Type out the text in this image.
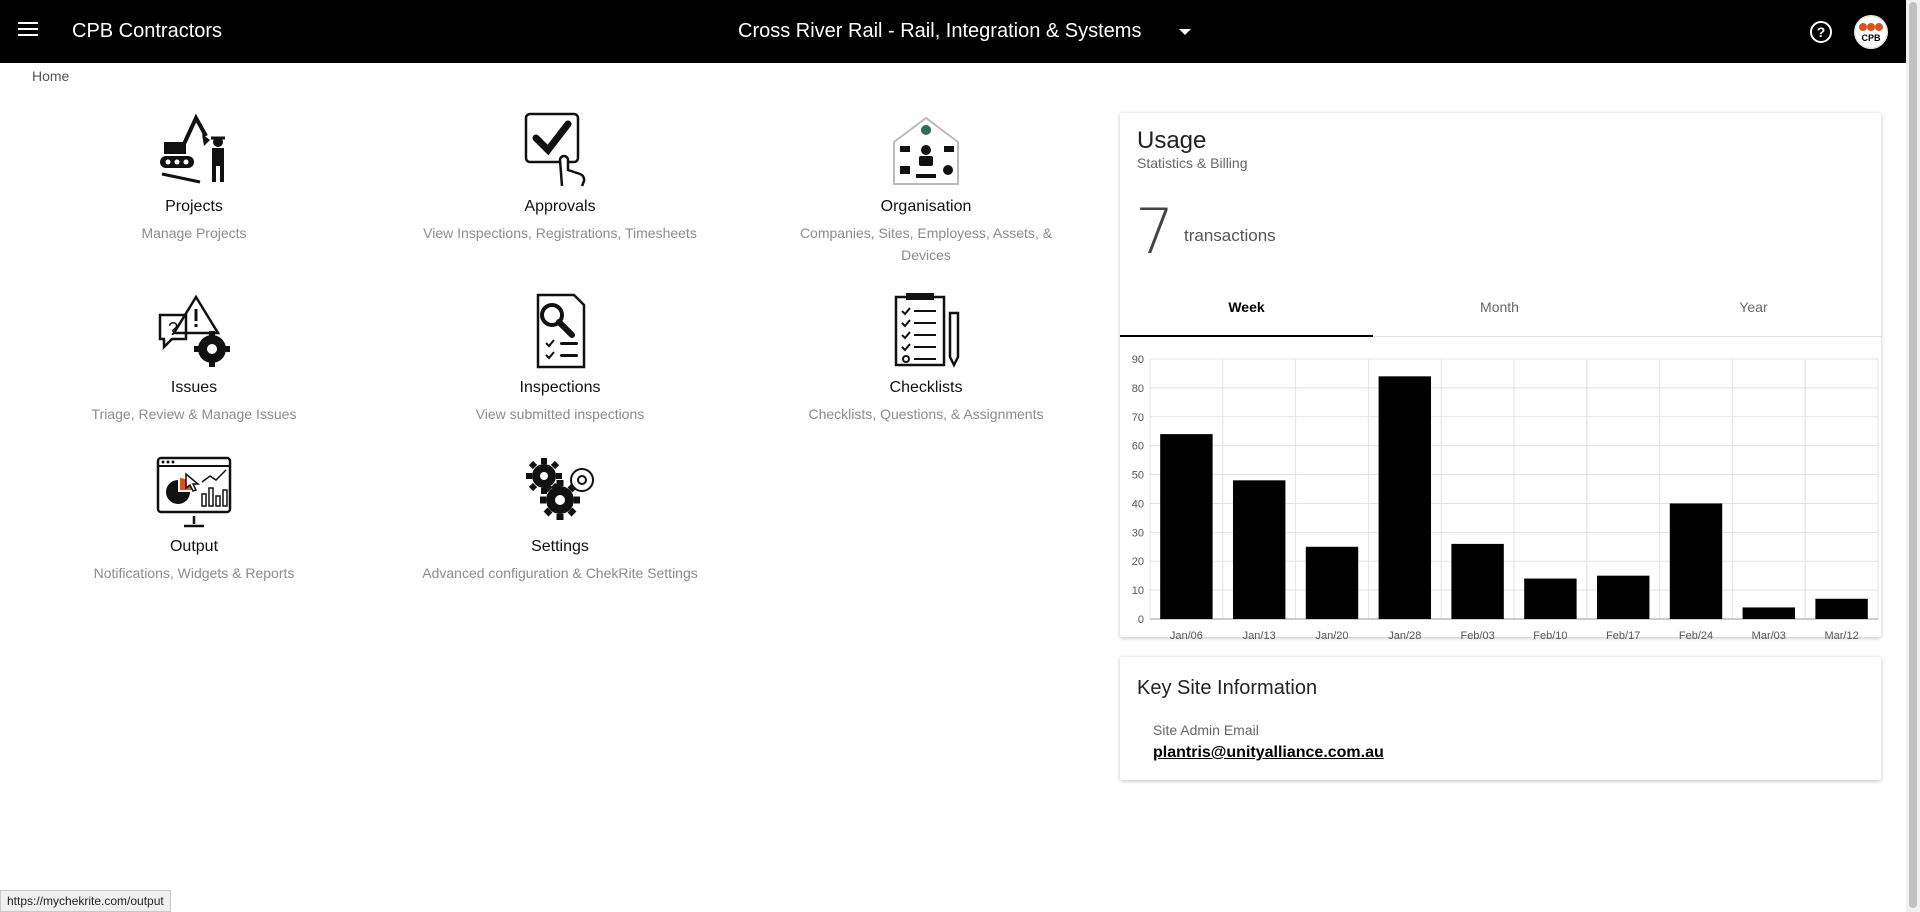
CPB Contractors	Cross River Rail - Rail, Integration & Systems	?	CPB
Home
Projects
Manage Projects
Approvals
View Inspections, Registrations, Timesheets
Organisation
Companies, Sites, Employess, Assets, & Devices
?
Issues
Triage, Review & Manage Issues
Inspections
View submitted inspections
Checklists
Checklists, Questions, & Assignments
Output
Notifications, Widgets & Reports
Settings
Advanced configuration & ChekRite Settings
Usage
Statistics & Billing
7 transactions
Week	Month	Year
0
10
20
30
40
50
60
70
80
90
Jan/06	Jan/13	Jan/20	Jan/28	Feb/03	Feb/10	Feb/17	Feb/24	Mar/03	Mar/12
Key Site Information
Site Admin Email
plantris@unityalliance.com.au
https://mychekrite.com/output
